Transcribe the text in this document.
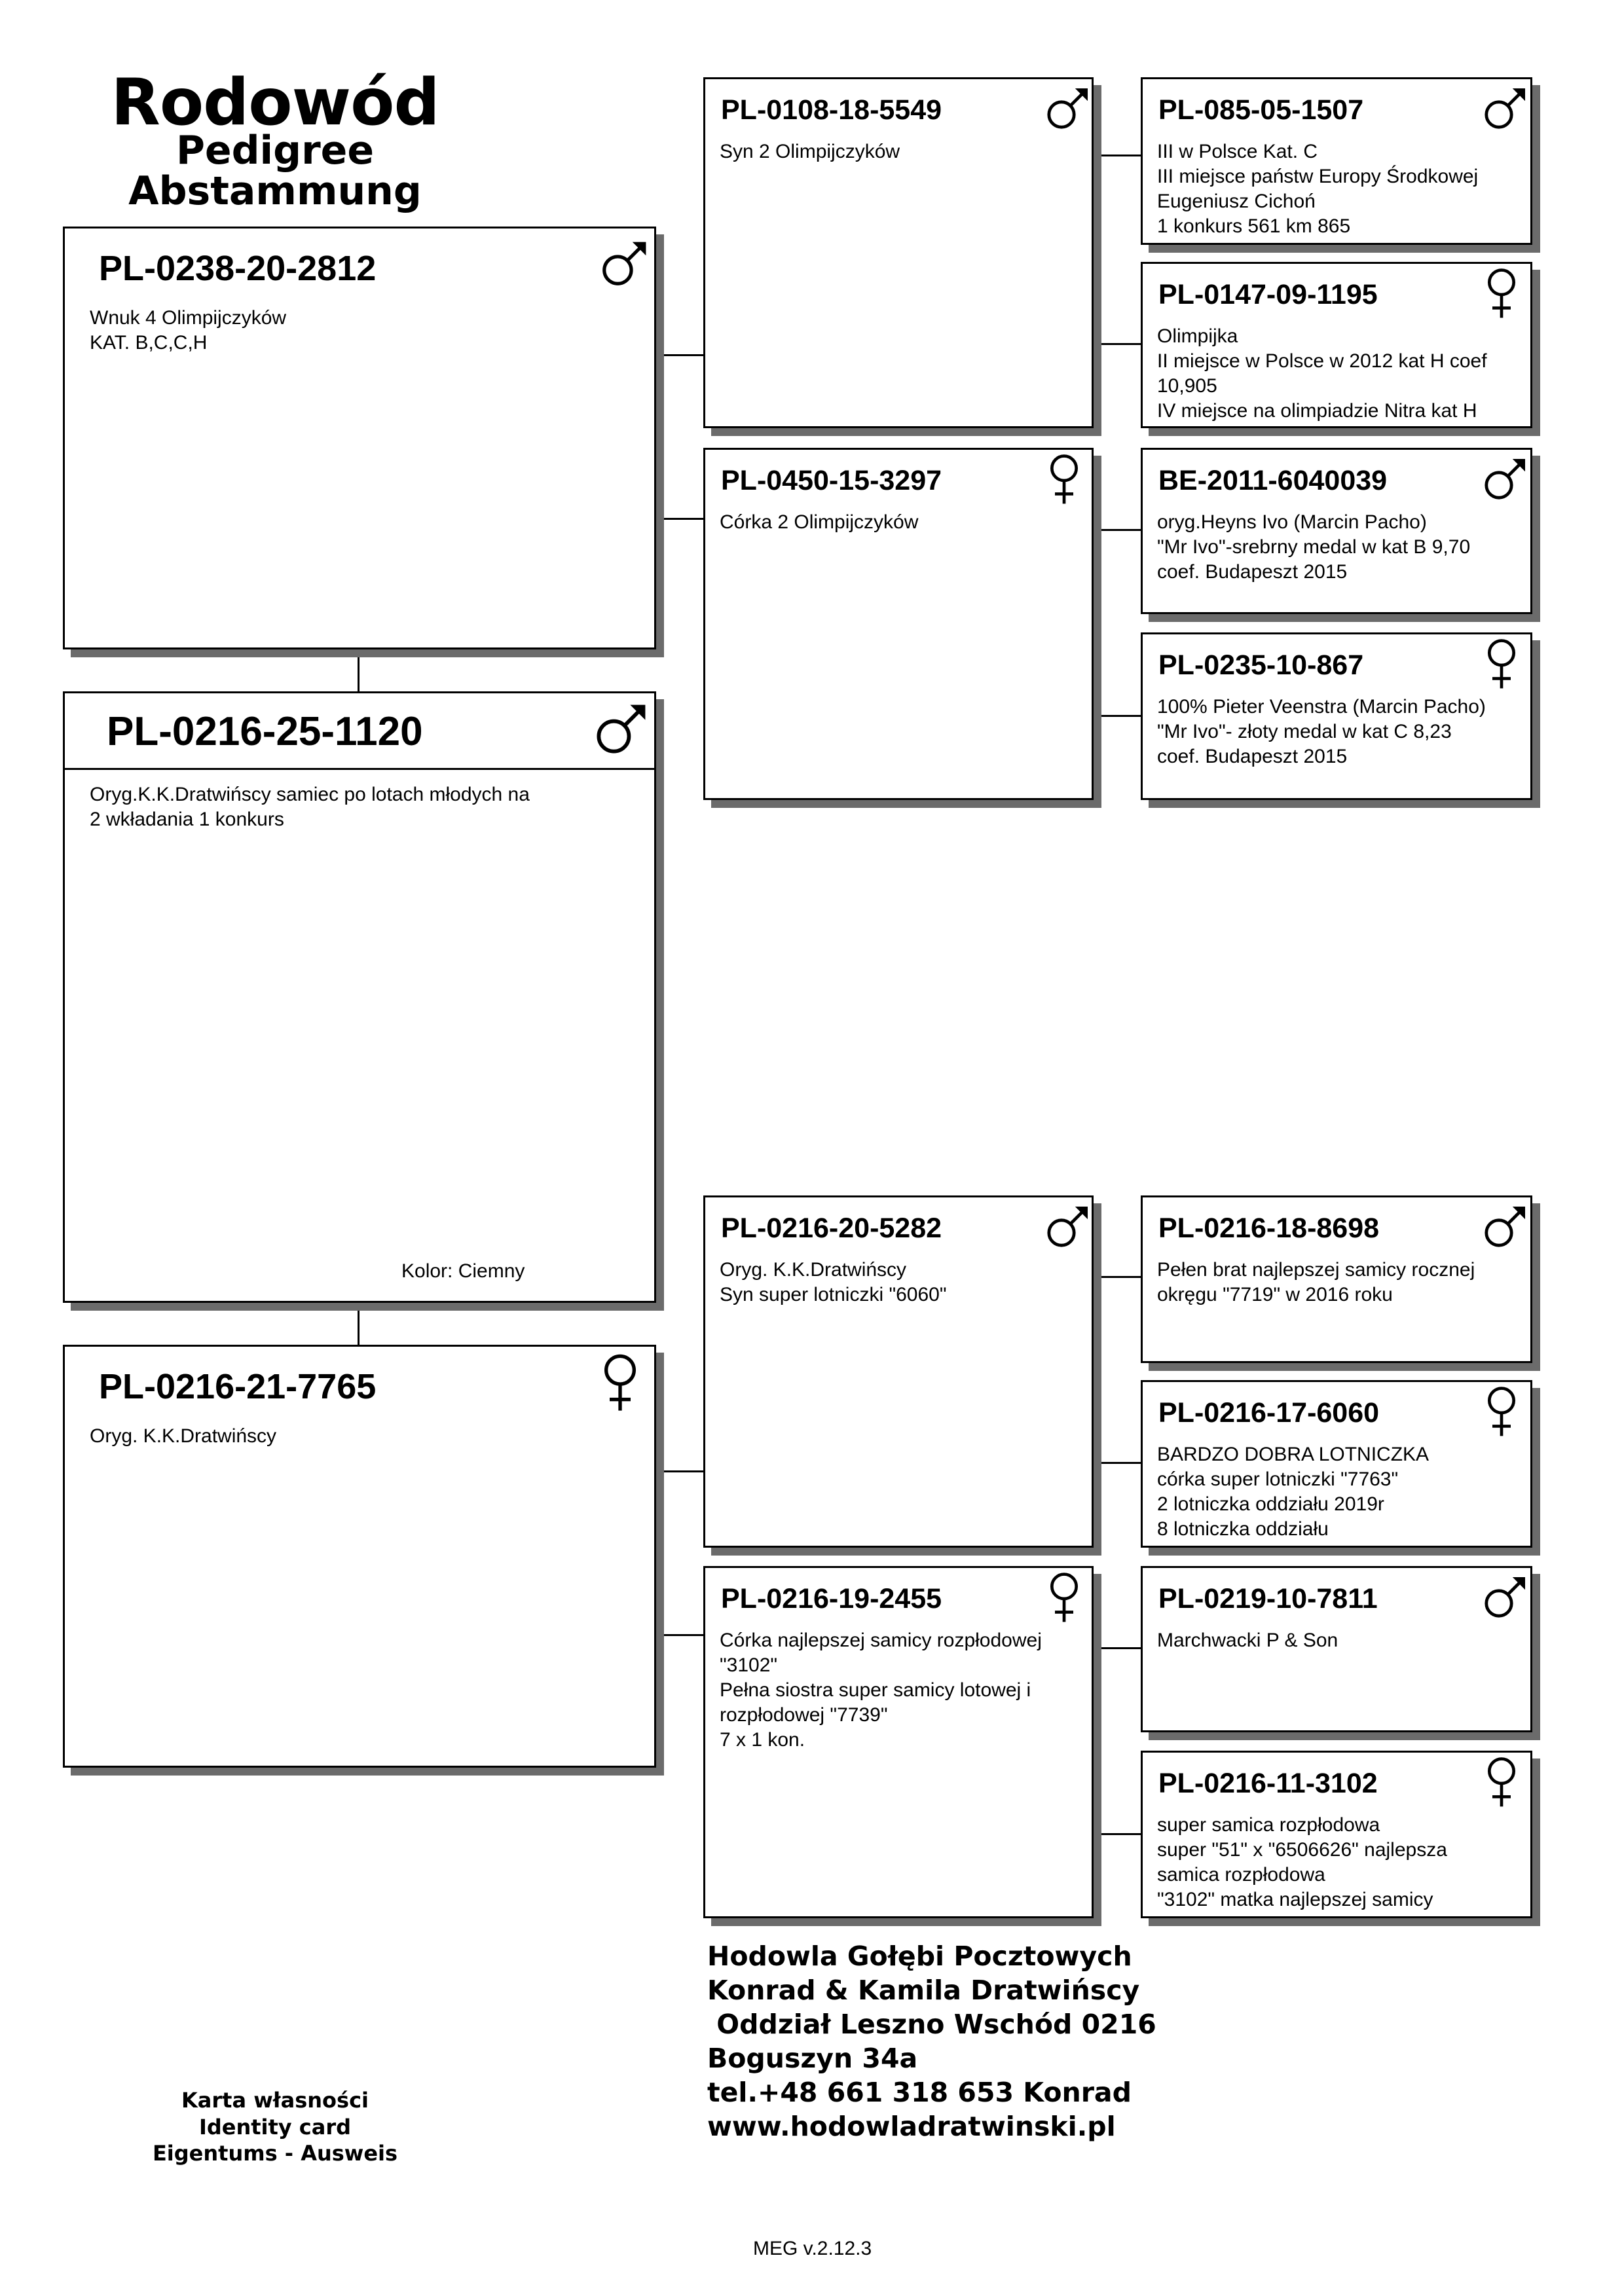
Rodowód
Pedigree
Abstammung
PL-0238-20-2812
Wnuk 4 Olimpijczyków
KAT. B,C,C,H
PL-0216-25-1120
Oryg.K.K.Dratwińscy samiec po lotach młodych na
2 wkładania 1 konkurs
Kolor: Ciemny
PL-0216-21-7765
Oryg. K.K.Dratwińscy
PL-0108-18-5549
Syn 2 Olimpijczyków
PL-0450-15-3297
Córka 2 Olimpijczyków
PL-0216-20-5282
Oryg. K.K.Dratwińscy
Syn super lotniczki "6060"
PL-0216-19-2455
Córka najlepszej samicy rozpłodowej
"3102"
Pełna siostra super samicy lotowej i
rozpłodowej "7739"
7 x 1 kon.
PL-085-05-1507
III w Polsce Kat. C
III miejsce państw Europy Środkowej
Eugeniusz Cichoń
1 konkurs 561 km 865
PL-0147-09-1195
Olimpijka
II miejsce w Polsce w 2012 kat H coef
10,905
IV miejsce na olimpiadzie Nitra kat H
BE-2011-6040039
oryg.Heyns Ivo (Marcin Pacho)
"Mr Ivo"-srebrny medal w kat B 9,70
coef. Budapeszt 2015
PL-0235-10-867
100% Pieter Veenstra (Marcin Pacho)
"Mr Ivo"- złoty medal w kat C 8,23
coef. Budapeszt 2015
PL-0216-18-8698
Pełen brat najlepszej samicy rocznej
okręgu "7719" w 2016 roku
PL-0216-17-6060
BARDZO DOBRA LOTNICZKA
córka super lotniczki "7763"
2 lotniczka oddziału 2019r
8 lotniczka oddziału
PL-0219-10-7811
Marchwacki P & Son
PL-0216-11-3102
super samica rozpłodowa
super "51" x "6506626" najlepsza
samica rozpłodowa
"3102" matka najlepszej samicy
Hodowla Gołębi Pocztowych
Konrad & Kamila Dratwińscy
Oddział Leszno Wschód 0216
Boguszyn 34a
tel.+48 661 318 653 Konrad
www.hodowladratwinski.pl
Karta własności
Identity card
Eigentums - Ausweis
MEG v.2.12.3
